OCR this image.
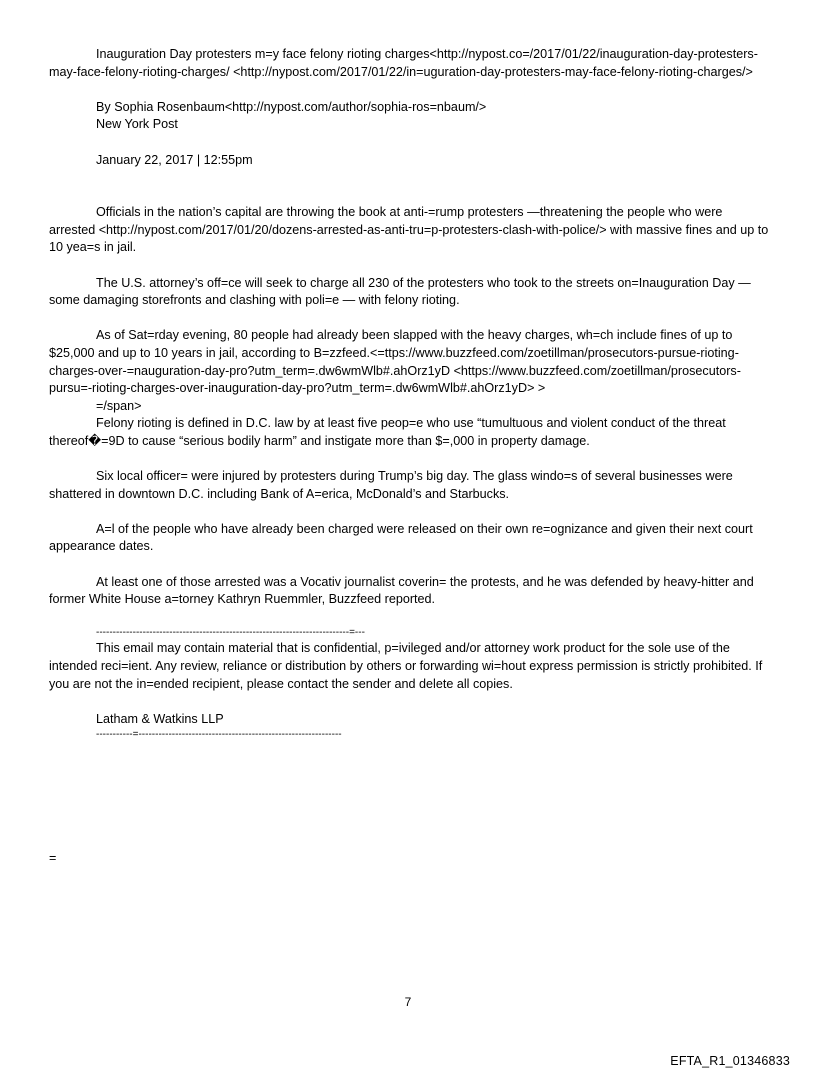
Inauguration Day protesters m=y face felony rioting charges<http://nypost.co=/2017/01/22/inauguration-day-protesters-may-face-felony-rioting-charges/ <http://nypost.com/2017/01/22/in=uguration-day-protesters-may-face-felony-rioting-charges/>

By Sophia Rosenbaum<http://nypost.com/author/sophia-ros=nbaum/>

New York Post

January 22, 2017 | 12:55pm

Officials in the nation’s capital are throwing the book at anti-=rump protesters —threatening the people who were arrested <http://nypost.com/2017/01/20/dozens-arrested-as-anti-tru=p-protesters-clash-with-police/> with massive fines and up to 10 yea=s in jail.

The U.S. attorney’s off=ce will seek to charge all 230 of the protesters who took to the streets on=Inauguration Day — some damaging storefronts and clashing with poli=e — with felony rioting.

As of Sat=rday evening, 80 people had already been slapped with the heavy charges, wh=ch include fines of up to $25,000 and up to 10 years in jail, according to B=zzfeed.<=ttps://www.buzzfeed.com/zoetillman/prosecutors-pursue-rioting-charges-over-=nauguration-day-pro?utm_term=.dw6wmWlb#.ahOrz1yD <https://www.buzzfeed.com/zoetillman/prosecutors-pursu=-rioting-charges-over-inauguration-day-pro?utm_term=.dw6wmWlb#.ahOrz1yD> >

=/span>

Felony rioting is defined in D.C. law by at least five peop=e who use “tumultuous and violent conduct of the threat thereof�=9D to cause “serious bodily harm” and instigate more than $=,000 in property damage.

Six local officer= were injured by protesters during Trump’s big day. The glass windo=s of several businesses were shattered in downtown D.C. including Bank of A=erica, McDonald’s and Starbucks.

A=l of the people who have already been charged were released on their own re=ognizance and given their next court appearance dates.

At least one of those arrested was a Vocativ journalist coverin= the protests, and he was defended by heavy-hitter and former White House a=torney Kathryn Ruemmler, Buzzfeed reported.

----------------------------------------------------------------------------=---

This email may contain material that is confidential, p=ivileged and/or attorney work product for the sole use of the intended reci=ient. Any review, reliance or distribution by others or forwarding wi=hout express permission is strictly prohibited. If you are not the in=ended recipient, please contact the sender and delete all copies.

Latham & Watkins LLP

-----------=-------------------------------------------------------------

=
7
EFTA_R1_01346833
